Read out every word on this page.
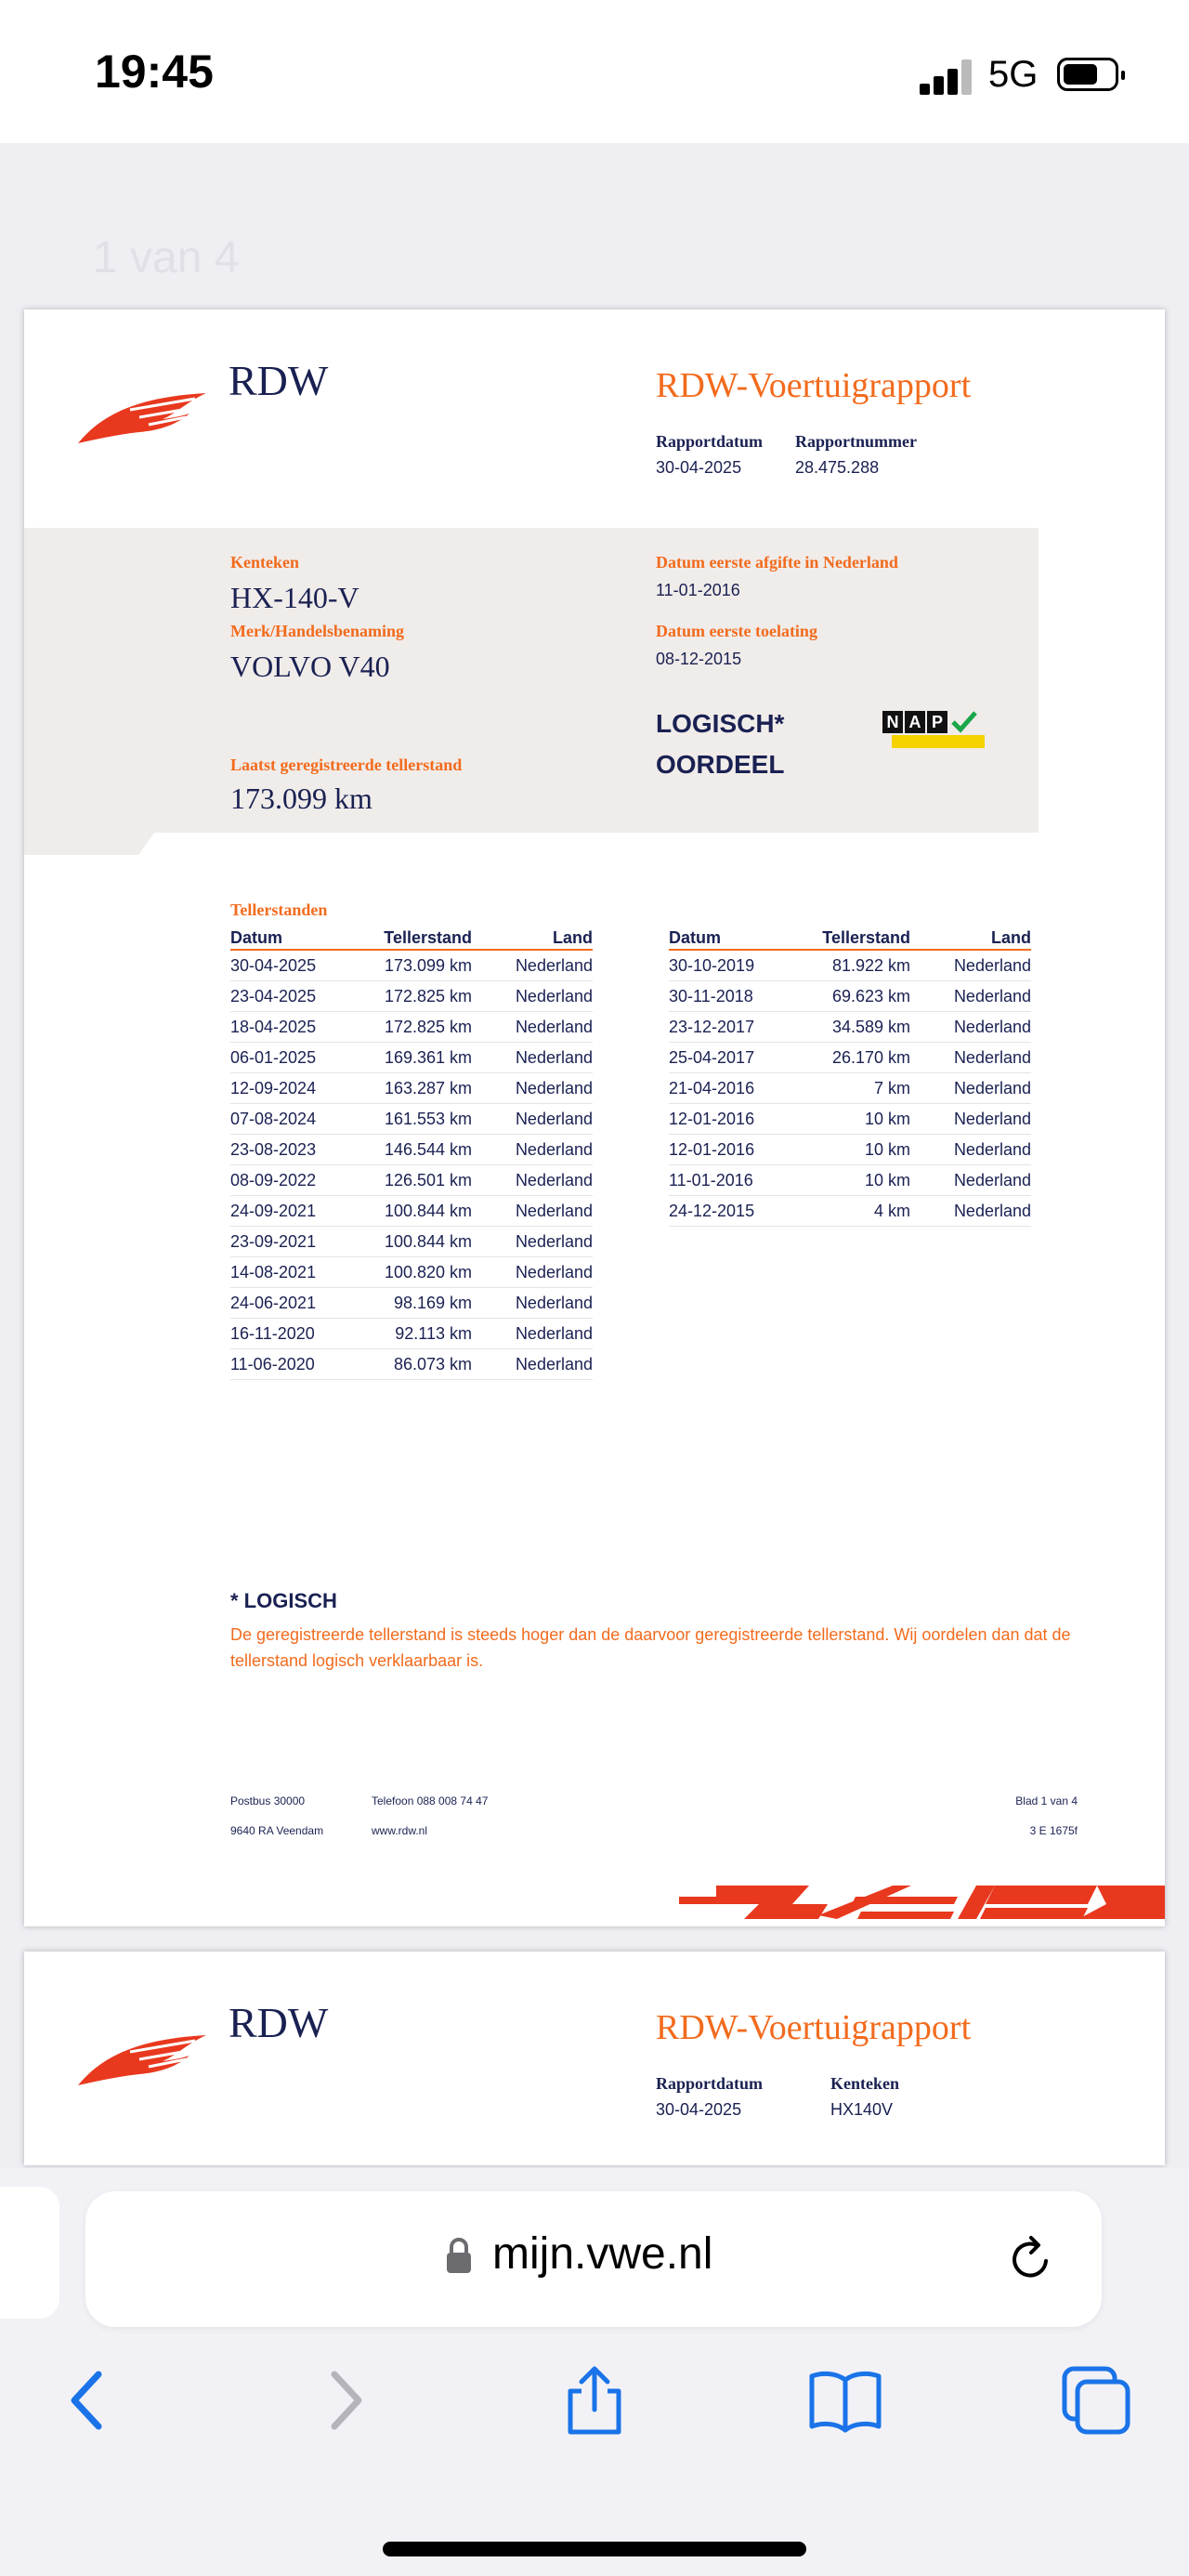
19:45	5G
1 van 4
RDW	RDW-Voertuigrapport
Rapportdatum
30-04-2025
Rapportnummer
28.475.288
Kenteken
HX-140-V
Merk/Handelsbenaming
VOLVO V40
Laatst geregistreerde tellerstand
173.099 km
Datum eerste afgifte in Nederland
11-01-2016
Datum eerste toelating
08-12-2015
LOGISCH*
OORDEEL
N A P
Tellerstanden
Datum	Tellerstand	Land
30-04-2025	173.099 km	Nederland
23-04-2025	172.825 km	Nederland
18-04-2025	172.825 km	Nederland
06-01-2025	169.361 km	Nederland
12-09-2024	163.287 km	Nederland
07-08-2024	161.553 km	Nederland
23-08-2023	146.544 km	Nederland
08-09-2022	126.501 km	Nederland
24-09-2021	100.844 km	Nederland
23-09-2021	100.844 km	Nederland
14-08-2021	100.820 km	Nederland
24-06-2021	98.169 km	Nederland
16-11-2020	92.113 km	Nederland
11-06-2020	86.073 km	Nederland
Datum	Tellerstand	Land
30-10-2019	81.922 km	Nederland
30-11-2018	69.623 km	Nederland
23-12-2017	34.589 km	Nederland
25-04-2017	26.170 km	Nederland
21-04-2016	7 km	Nederland
12-01-2016	10 km	Nederland
12-01-2016	10 km	Nederland
11-01-2016	10 km	Nederland
24-12-2015	4 km	Nederland
* LOGISCH
De geregistreerde tellerstand is steeds hoger dan de daarvoor geregistreerde tellerstand. Wij oordelen dan dat de tellerstand logisch verklaarbaar is.
Postbus 30000
9640 RA Veendam
Telefoon 088 008 74 47
www.rdw.nl
Blad 1 van 4
3 E 1675f
RDW	RDW-Voertuigrapport
Rapportdatum
30-04-2025
Kenteken
HX140V
mijn.vwe.nl
